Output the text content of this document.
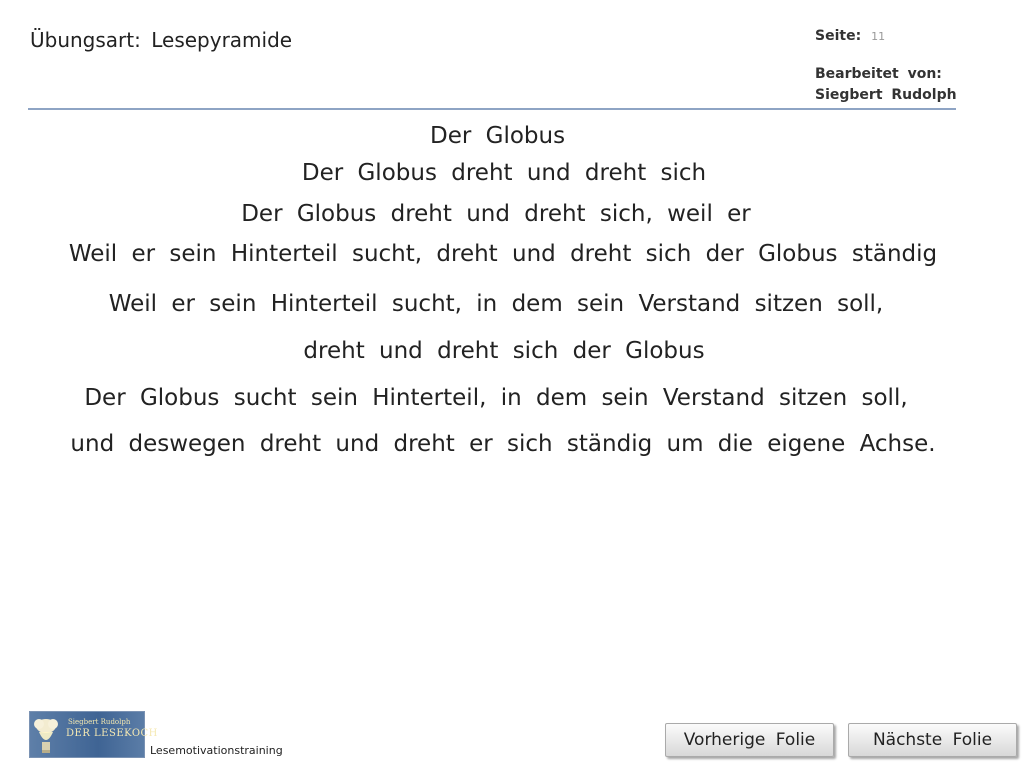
Übungsart: Lesepyramide	Seite: 11
Bearbeitet von:
Siegbert Rudolph
Der Globus
Der Globus dreht und dreht sich
Der Globus dreht und dreht sich, weil er
Weil er sein Hinterteil sucht, dreht und dreht sich der Globus ständig
Weil er sein Hinterteil sucht, in dem sein Verstand sitzen soll,
dreht und dreht sich der Globus
Der Globus sucht sein Hinterteil, in dem sein Verstand sitzen soll,
und deswegen dreht und dreht er sich ständig um die eigene Achse.
Siegbert Rudolph
DER LESEKOCH
Lesemotivationstraining
Vorherige Folie	Nächste Folie
